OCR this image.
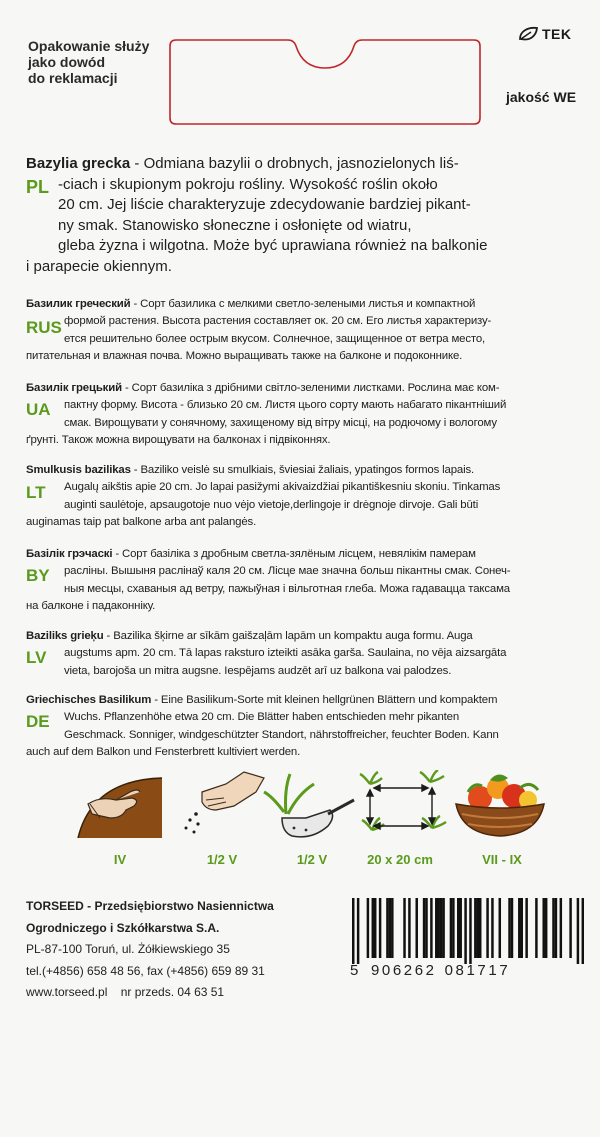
Opakowanie służy
jako dowód
do reklamacji
TEK
jakość WE
PL
Bazylia grecka - Odmiana bazylii o drobnych, jasnozielonych liś-
-ciach i skupionym pokroju rośliny. Wysokość roślin około
20 cm. Jej liście charakteryzuje zdecydowanie bardziej pikant-
ny smak. Stanowisko słoneczne i osłonięte od wiatru,
gleba żyzna i wilgotna. Może być uprawiana również na balkonie
i parapecie okiennym.
RUS
Базилик греческий - Сорт базилика с мелкими светло-зелеными листья и компактной
формой растения. Высота растения составляет ок. 20 см. Его листья характеризу-
ется решительно более острым вкусом. Солнечное, защищенное от ветра место,
питательная и влажная почва. Можно выращивать также на балконе и подоконнике.
UA
Базилік грецький - Сорт базиліка з дрібними світло-зеленими листками. Рослина має ком-
пактну форму. Висота - близько 20 см. Листя цього сорту мають набагато пікантніший
смак. Вирощувати у сонячному, захищеному від вітру місці, на родючому і вологому
ґрунті. Також можна вирощувати на балконах і підвіконнях.
LT
Smulkusis bazilikas - Baziliko veislė su smulkiais, šviesiai žaliais, ypatingos formos lapais.
Augalų aikštis apie 20 cm. Jo lapai pasižymi akivaizdžiai pikantiškesniu skoniu. Tinkamas
auginti saulėtoje, apsaugotoje nuo vėjo vietoje,derlingoje ir drėgnoje dirvoje. Gali būti
auginamas taip pat balkone arba ant palangės.
BY
Базілік грэчаскі - Сорт базіліка з дробным светла-зялёным лісцем, невялікім памерам
расліны. Вышыня раслінаў каля 20 см. Лісце мае значна больш пікантны смак. Сонеч-
ныя месцы, схаваныя ад ветру, пажыўная і вільготная глеба. Можа гадавацца таксама
на балконе і падаконніку.
LV
Baziliks grieķu - Bazilika šķirne ar sīkām gaišzaļām lapām un kompaktu auga formu. Auga
augstums apm. 20 cm. Tā lapas raksturo izteikti asāka garša. Saulaina, no vēja aizsargāta
vieta, barojoša un mitra augsne. Iespējams audzēt arī uz balkona vai palodzes.
DE
Griechisches Basilikum - Eine Basilikum-Sorte mit kleinen hellgrünen Blättern und kompaktem
Wuchs. Pflanzenhöhe etwa 20 cm. Die Blätter haben entschieden mehr pikanten
Geschmack. Sonniger, windgeschützter Standort, nährstoffreicher, feuchter Boden. Kann
auch auf dem Balkon und Fensterbrett kultiviert werden.
IV	1/2 V	1/2 V	20 x 20 cm	VII - IX
TORSEED - Przedsiębiorstwo Nasiennictwa
Ogrodniczego i Szkółkarstwa S.A.
PL-87-100 Toruń, ul. Żółkiewskiego 35
tel.(+4856) 658 48 56, fax (+4856) 659 89 31
www.torseed.pl    nr przeds. 04 63 51
5 906262 081717
